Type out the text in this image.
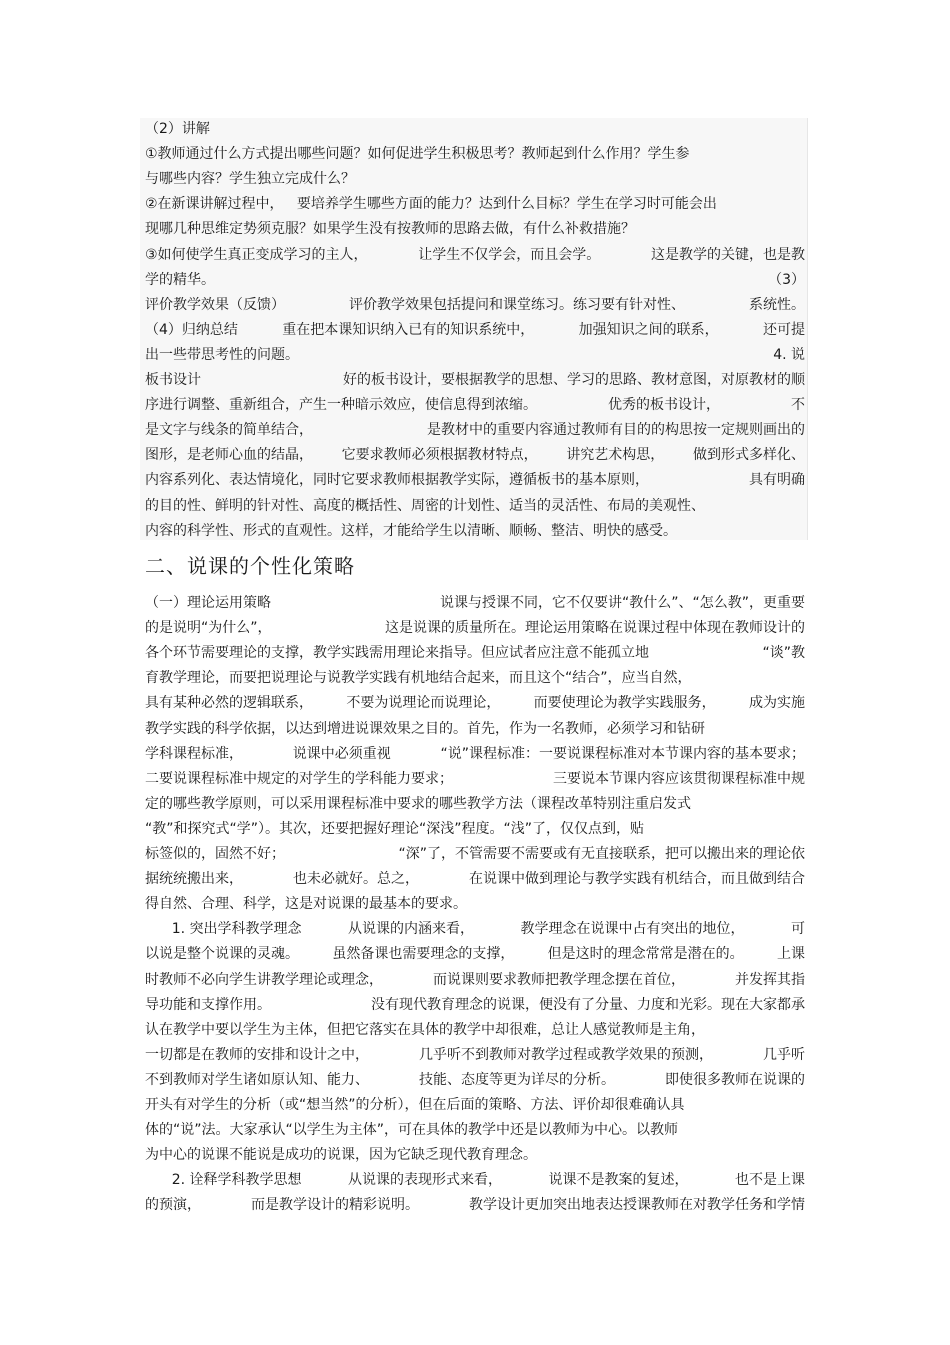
（2）讲解
①教师通过什么方式提出哪些问题？如何促进学生积极思考？教师起到什么作用？学生参
与哪些内容？学生独立完成什么？
②在新课讲解过程中，   要培养学生哪些方面的能力？达到什么目标？学生在学习时可能会出
现哪几种思维定势须克服？如果学生没有按教师的思路去做，有什么补救措施？
③如何使学生真正变成学习的主人，	让学生不仅学会，而且会学。	这是教学的关键，也是教
学的精华。	（3）
评价教学效果（反馈）	评价教学效果包括提问和课堂练习。练习要有针对性、	系统性。
（4）归纳总结	重在把本课知识纳入已有的知识系统中，	加强知识之间的联系，	还可提
出一些带思考性的问题。	4. 说
板书设计	好的板书设计，要根据教学的思想、学习的思路、教材意图，对原教材的顺
序进行调整、重新组合，产生一种暗示效应，使信息得到浓缩。	优秀的板书设计，	不
是文字与线条的简单结合，	是教材中的重要内容通过教师有目的的构思按一定规则画出的
图形，是老师心血的结晶， 它要求教师必须根据教材特点， 讲究艺术构思， 做到形式多样化、
内容系列化、表达情境化，同时它要求教师根据教学实际，遵循板书的基本原则，	具有明确
的目的性、鲜明的针对性、高度的概括性、周密的计划性、适当的灵活性、布局的美观性、
内容的科学性、形式的直观性。这样，才能给学生以清晰、顺畅、整洁、明快的感受。
二、说课的个性化策略
（一）理论运用策略	说课与授课不同，它不仅要讲“教什么”、“怎么教”，更重要
的是说明“为什么”，	这是说课的质量所在。理论运用策略在说课过程中体现在教师设计的
各个环节需要理论的支撑，教学实践需用理论来指导。但应试者应注意不能孤立地	“谈”教
育教学理论，而要把说理论与说教学实践有机地结合起来，而且这个“结合”，应当自然，
具有某种必然的逻辑联系， 不要为说理论而说理论， 而要使理论为教学实践服务， 成为实施
教学实践的科学依据，以达到增进说课效果之目的。首先，作为一名教师，必须学习和钻研
学科课程标准，	说课中必须重视	“说”课程标准：一要说课程标准对本节课内容的基本要求；
二要说课程标准中规定的对学生的学科能力要求；	三要说本节课内容应该贯彻课程标准中规
定的哪些教学原则，可以采用课程标准中要求的哪些教学方法（课程改革特别注重启发式
“教”和探究式“学”）。其次，还要把握好理论“深浅”程度。“浅”了，仅仅点到，贴
标签似的，固然不好；	“深”了，不管需要不需要或有无直接联系，把可以搬出来的理论依
据统统搬出来，	也未必就好。总之，	在说课中做到理论与教学实践有机结合，而且做到结合
得自然、合理、科学，这是对说课的最基本的要求。
1. 突出学科教学理念	从说课的内涵来看，	教学理念在说课中占有突出的地位，	可
以说是整个说课的灵魂。 虽然备课也需要理念的支撑， 但是这时的理念常常是潜在的。 上课
时教师不必向学生讲教学理论或理念，	而说课则要求教师把教学理念摆在首位，	并发挥其指
导功能和支撑作用。	没有现代教育理念的说课，便没有了分量、力度和光彩。现在大家都承
认在教学中要以学生为主体，但把它落实在具体的教学中却很难，总让人感觉教师是主角，
一切都是在教师的安排和设计之中，	几乎听不到教师对教学过程或教学效果的预测，	几乎听
不到教师对学生诸如原认知、能力、	技能、态度等更为详尽的分析。	即使很多教师在说课的
开头有对学生的分析（或“想当然”的分析），但在后面的策略、方法、评价却很难确认具
体的“说”法。大家承认“以学生为主体”，可在具体的教学中还是以教师为中心。以教师
为中心的说课不能说是成功的说课，因为它缺乏现代教育理念。
2. 诠释学科教学思想	从说课的表现形式来看，	说课不是教案的复述，	也不是上课
的预演，	而是教学设计的精彩说明。	教学设计更加突出地表达授课教师在对教学任务和学情
